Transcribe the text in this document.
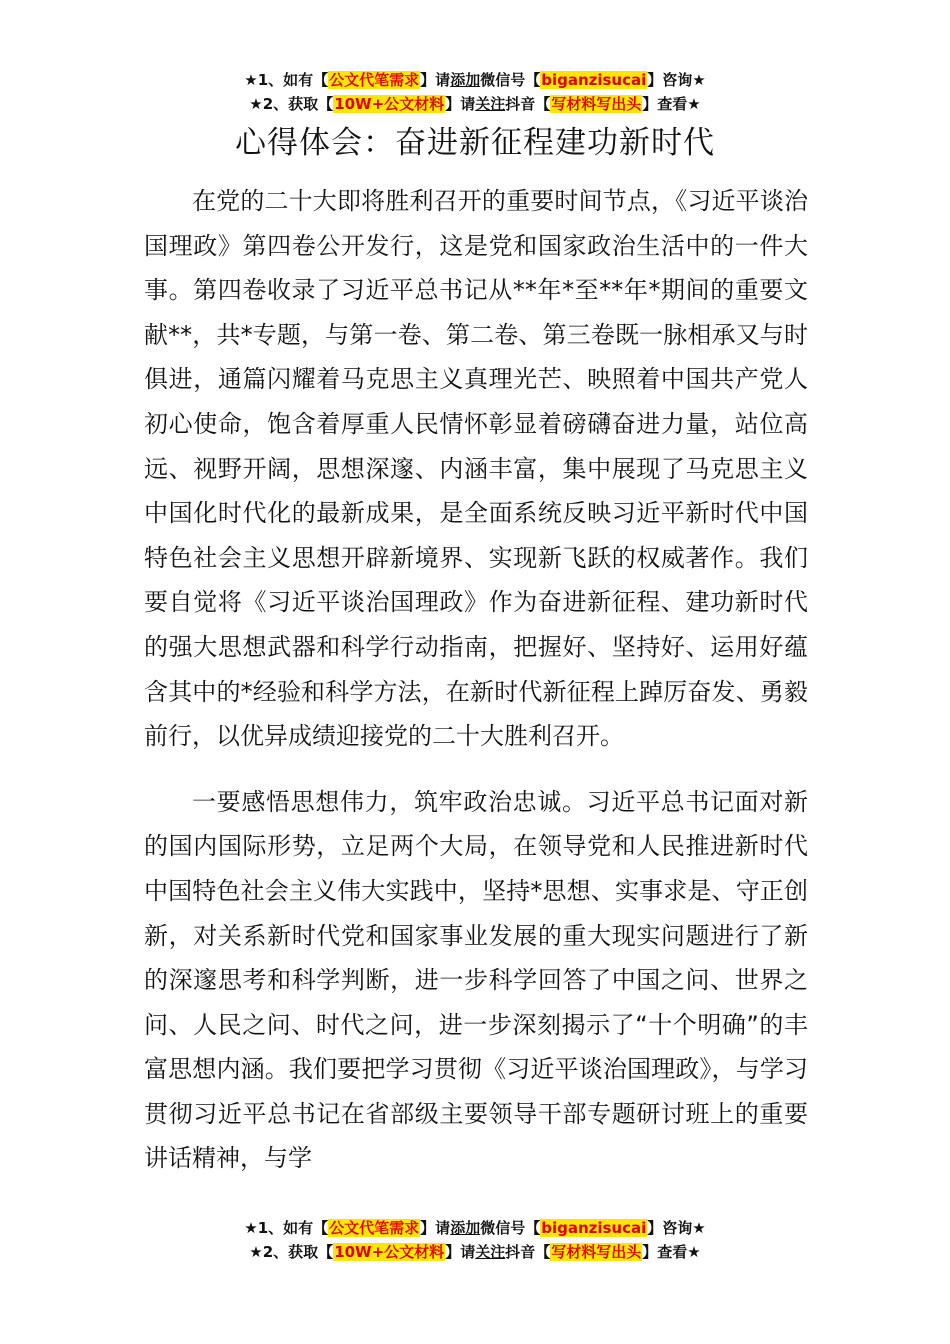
★1、如有【公文代笔需求】请添加微信号【biganzisucai】咨询★
★2、获取【10W+公文材料】请关注抖音【写材料写出头】查看★
心得体会：奋进新征程建功新时代

在党的二十大即将胜利召开的重要时间节点，《习近平谈治国理政》第四卷公开发行，这是党和国家政治生活中的一件大事。第四卷收录了习近平总书记从**年*至**年*期间的重要文献**，共*专题，与第一卷、第二卷、第三卷既一脉相承又与时俱进，通篇闪耀着马克思主义真理光芒、映照着中国共产党人初心使命，饱含着厚重人民情怀彰显着磅礴奋进力量，站位高远、视野开阔，思想深邃、内涵丰富，集中展现了马克思主义中国化时代化的最新成果，是全面系统反映习近平新时代中国特色社会主义思想开辟新境界、实现新飞跃的权威著作。我们要自觉将《习近平谈治国理政》作为奋进新征程、建功新时代的强大思想武器和科学行动指南，把握好、坚持好、运用好蕴含其中的*经验和科学方法，在新时代新征程上踔厉奋发、勇毅前行，以优异成绩迎接党的二十大胜利召开。

一要感悟思想伟力，筑牢政治忠诚。习近平总书记面对新的国内国际形势，立足两个大局，在领导党和人民推进新时代中国特色社会主义伟大实践中，坚持*思想、实事求是、守正创新，对关系新时代党和国家事业发展的重大现实问题进行了新的深邃思考和科学判断，进一步科学回答了中国之问、世界之问、人民之问、时代之问，进一步深刻揭示了“十个明确”的丰富思想内涵。我们要把学习贯彻《习近平谈治国理政》，与学习贯彻习近平总书记在省部级主要领导干部专题研讨班上的重要讲话精神，与学

★1、如有【公文代笔需求】请添加微信号【biganzisucai】咨询★
★2、获取【10W+公文材料】请关注抖音【写材料写出头】查看★
